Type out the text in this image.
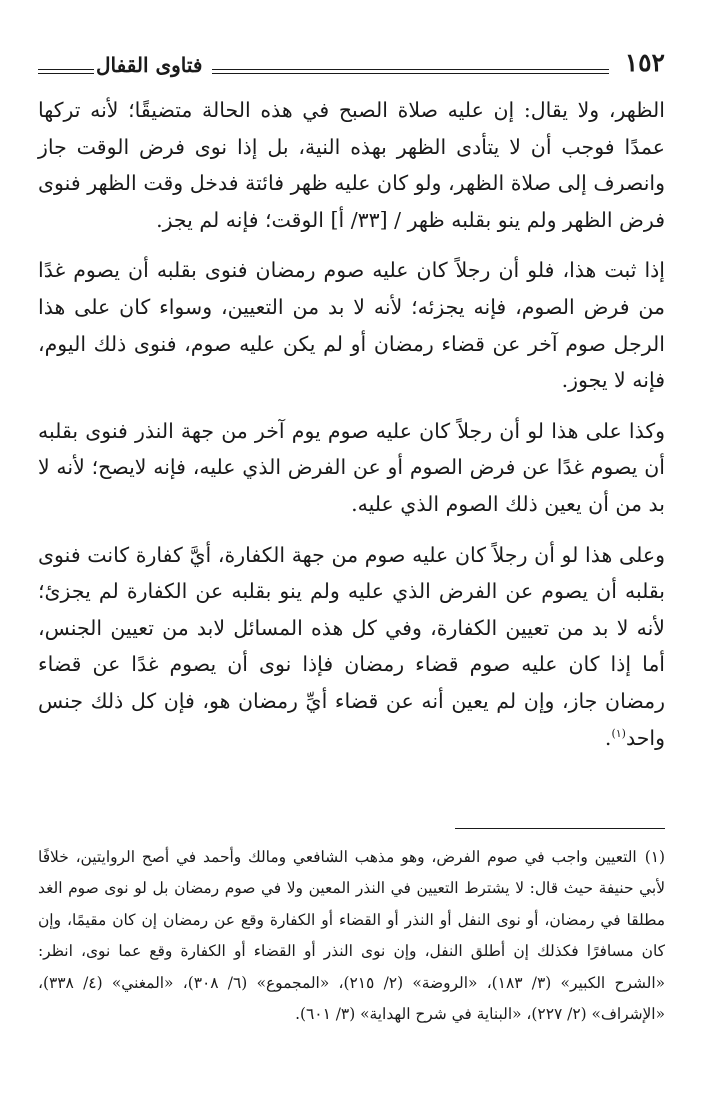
١٥٢
فتاوى القفال

الظهر، ولا يقال: إن عليه صلاة الصبح في هذه الحالة متضيقًا؛ لأنه تركها عمدًا فوجب أن لا يتأدى الظهر بهذه النية، بل إذا نوى فرض الوقت جاز وانصرف إلى صلاة الظهر، ولو كان عليه ظهر فائتة فدخل وقت الظهر فنوى فرض الظهر ولم ينو بقلبه ظهر / [٣٣/ أ] الوقت؛ فإنه لم يجز.

إذا ثبت هذا، فلو أن رجلاً كان عليه صوم رمضان فنوى بقلبه أن يصوم غدًا من فرض الصوم، فإنه يجزئه؛ لأنه لا بد من التعيين، وسواء كان على هذا الرجل صوم آخر عن قضاء رمضان أو لم يكن عليه صوم، فنوى ذلك اليوم، فإنه لا يجوز.

وكذا على هذا لو أن رجلاً كان عليه صوم يوم آخر من جهة النذر فنوى بقلبه أن يصوم غدًا عن فرض الصوم أو عن الفرض الذي عليه، فإنه لايصح؛ لأنه لا بد من أن يعين ذلك الصوم الذي عليه.

وعلى هذا لو أن رجلاً كان عليه صوم من جهة الكفارة، أيَّ كفارة كانت فنوى بقلبه أن يصوم عن الفرض الذي عليه ولم ينو بقلبه عن الكفارة لم يجزئ؛ لأنه لا بد من تعيين الكفارة، وفي كل هذه المسائل لابد من تعيين الجنس، أما إذا كان عليه صوم قضاء رمضان فإذا نوى أن يصوم غدًا عن قضاء رمضان جاز، وإن لم يعين أنه عن قضاء أيِّ رمضان هو، فإن كل ذلك جنس واحد$^{(١)}$.

(١)التعيين واجب في صوم الفرض، وهو مذهب الشافعي ومالك وأحمد في أصح الروايتين، خلافًا لأبي حنيفة حيث قال: لا يشترط التعيين في النذر المعين ولا في صوم رمضان بل لو نوى صوم الغد مطلقا في رمضان، أو نوى النفل أو النذر أو القضاء أو الكفارة وقع عن رمضان إن كان مقيمًا، وإن كان مسافرًا فكذلك إن أطلق النفل، وإن نوى النذر أو القضاء أو الكفارة وقع عما نوى، انظر: «الشرح الكبير» (٣/ ١٨٣)، «الروضة» (٢/ ٢١٥)، «المجموع» (٦/ ٣٠٨)، «المغني» (٤/ ٣٣٨)، «الإشراف» (٢/ ٢٢٧)، «البناية في شرح الهداية» (٣/ ٦٠١).
